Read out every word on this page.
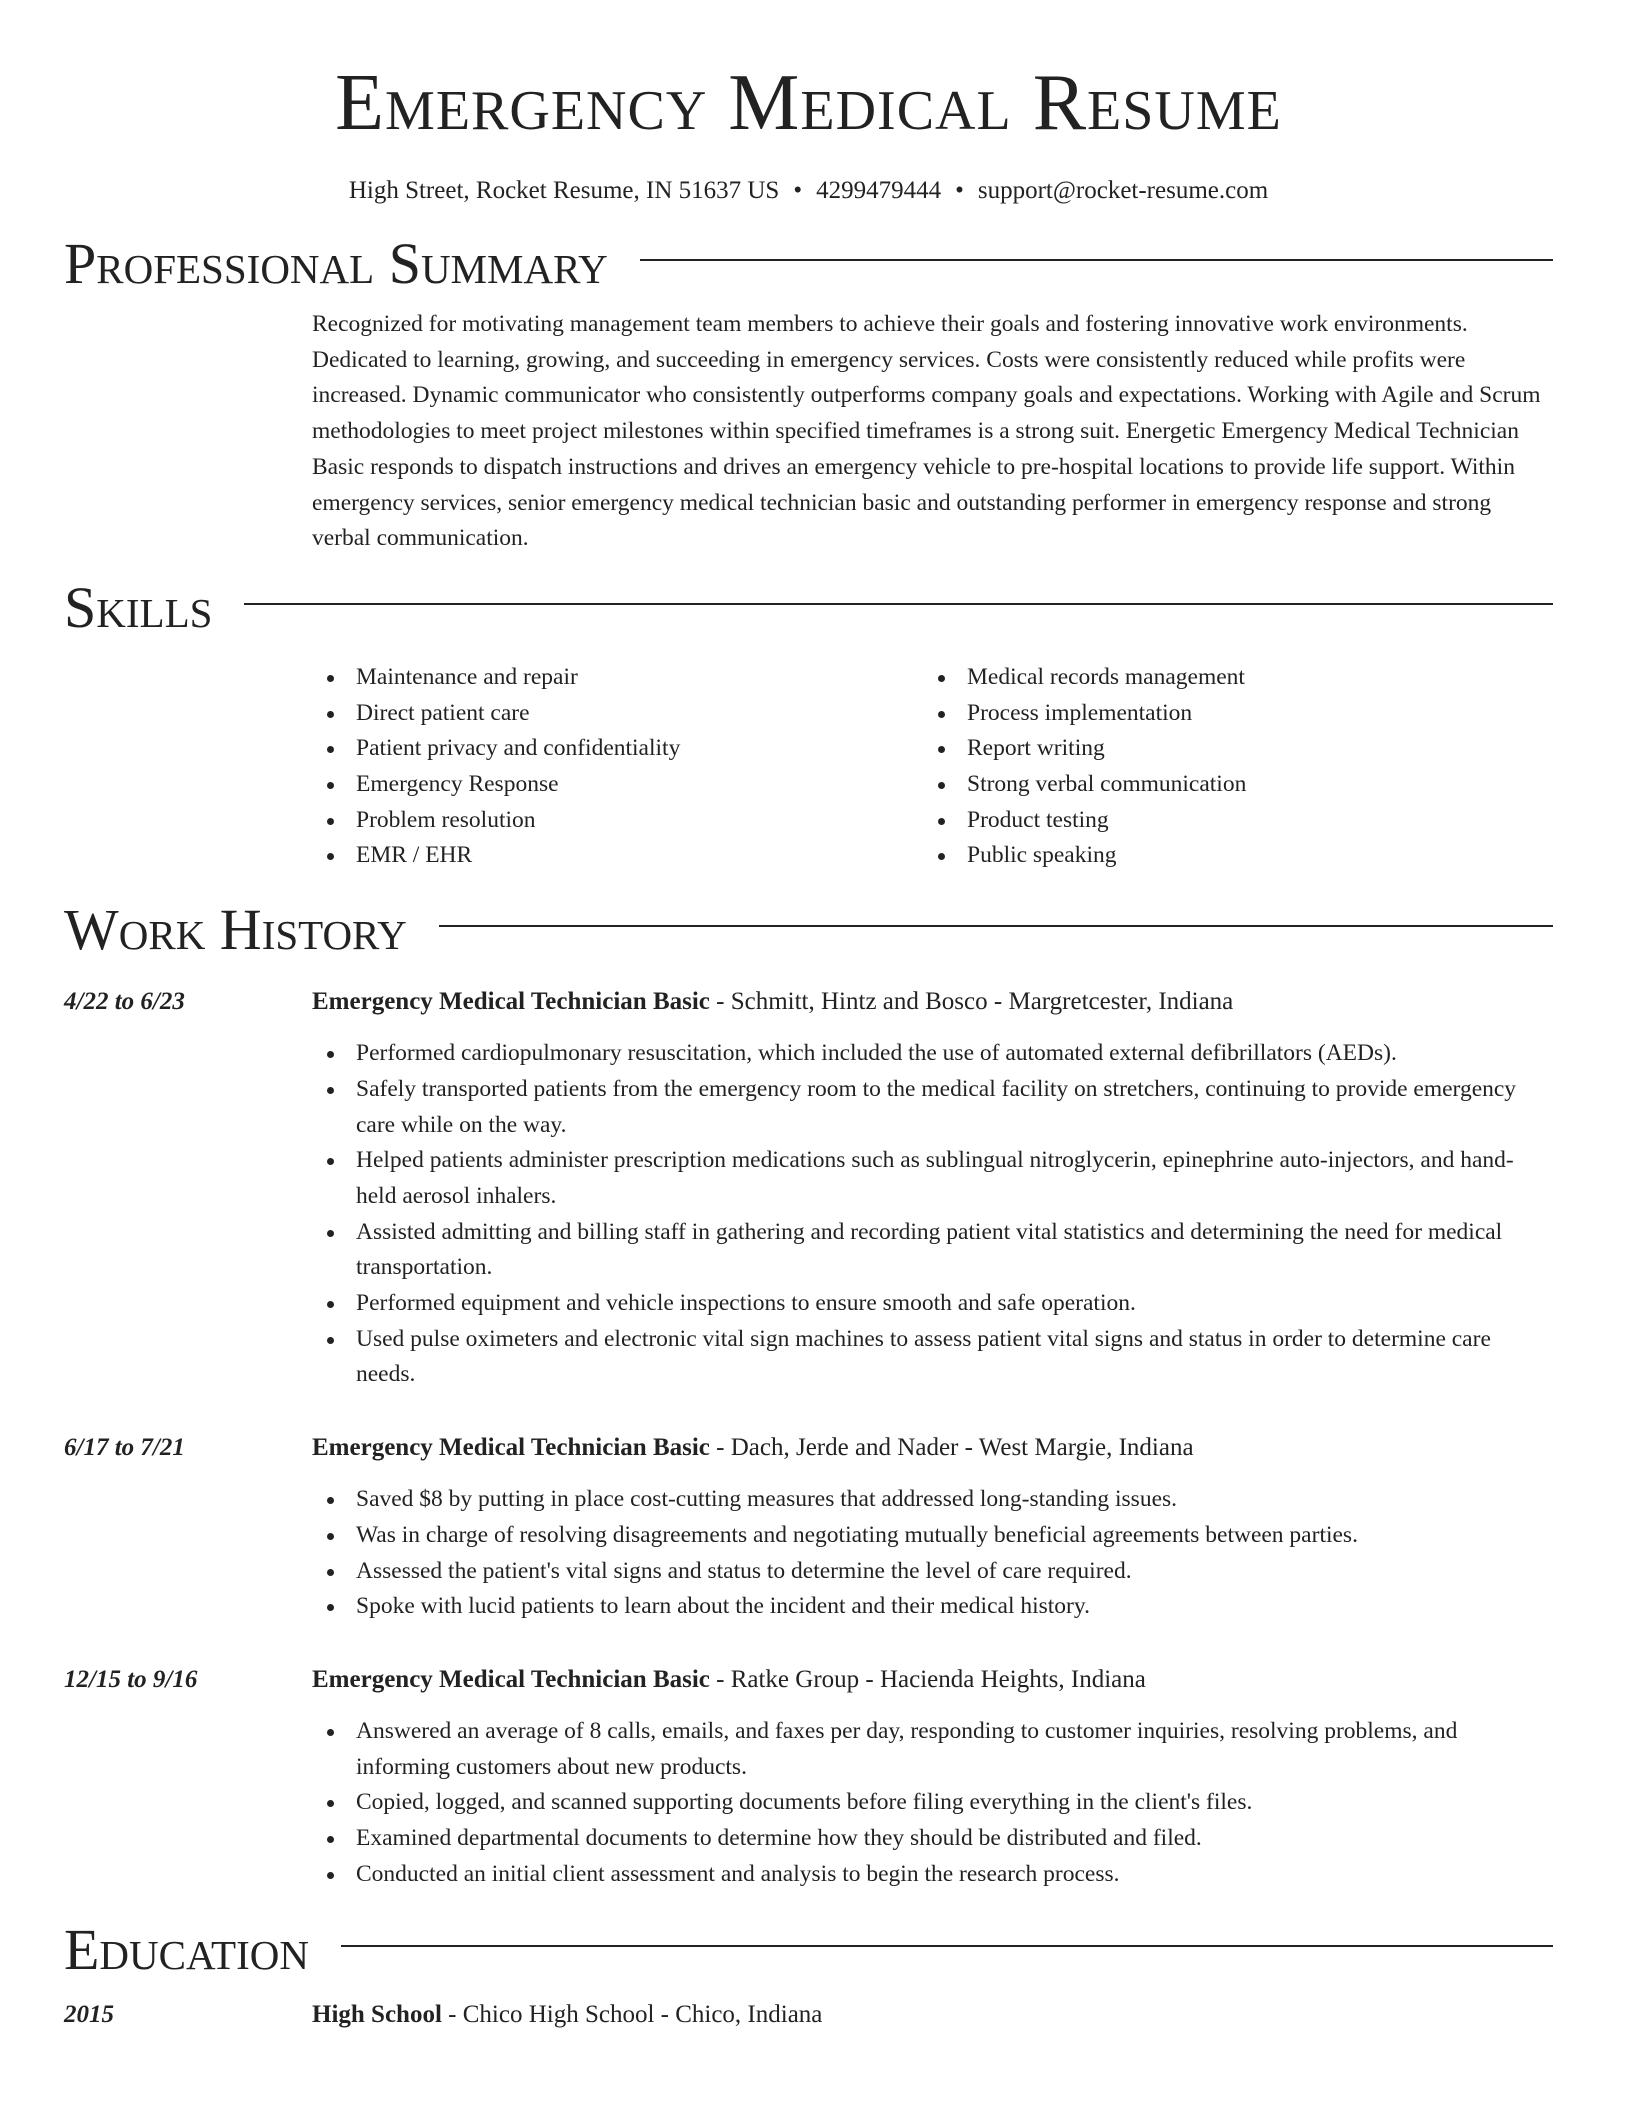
Emergency Medical Resume
High Street, Rocket Resume, IN 51637 US • 4299479444 • support@rocket-resume.com
Professional Summary

Recognized for motivating management team members to achieve their goals and fostering innovative work environments. Dedicated to learning, growing, and succeeding in emergency services. Costs were consistently reduced while profits were increased. Dynamic communicator who consistently outperforms company goals and expectations. Working with Agile and Scrum methodologies to meet project milestones within specified timeframes is a strong suit. Energetic Emergency Medical Technician Basic responds to dispatch instructions and drives an emergency vehicle to pre-hospital locations to provide life support. Within emergency services, senior emergency medical technician basic and outstanding performer in emergency response and strong verbal communication.

Skills
Maintenance and repair
Direct patient care
Patient privacy and confidentiality
Emergency Response
Problem resolution
EMR / EHR
Medical records management
Process implementation
Report writing
Strong verbal communication
Product testing
Public speaking
Work History
4/22 to 6/23	Emergency Medical Technician Basic - Schmitt, Hintz and Bosco - Margretcester, Indiana
Performed cardiopulmonary resuscitation, which included the use of automated external defibrillators (AEDs).
Safely transported patients from the emergency room to the medical facility on stretchers, continuing to provide emergency care while on the way.
Helped patients administer prescription medications such as sublingual nitroglycerin, epinephrine auto-injectors, and hand-held aerosol inhalers.
Assisted admitting and billing staff in gathering and recording patient vital statistics and determining the need for medical transportation.
Performed equipment and vehicle inspections to ensure smooth and safe operation.
Used pulse oximeters and electronic vital sign machines to assess patient vital signs and status in order to determine care needs.
6/17 to 7/21	Emergency Medical Technician Basic - Dach, Jerde and Nader - West Margie, Indiana
Saved $8 by putting in place cost-cutting measures that addressed long-standing issues.
Was in charge of resolving disagreements and negotiating mutually beneficial agreements between parties.
Assessed the patient's vital signs and status to determine the level of care required.
Spoke with lucid patients to learn about the incident and their medical history.
12/15 to 9/16	Emergency Medical Technician Basic - Ratke Group - Hacienda Heights, Indiana
Answered an average of 8 calls, emails, and faxes per day, responding to customer inquiries, resolving problems, and informing customers about new products.
Copied, logged, and scanned supporting documents before filing everything in the client's files.
Examined departmental documents to determine how they should be distributed and filed.
Conducted an initial client assessment and analysis to begin the research process.
Education
2015	High School - Chico High School - Chico, Indiana
